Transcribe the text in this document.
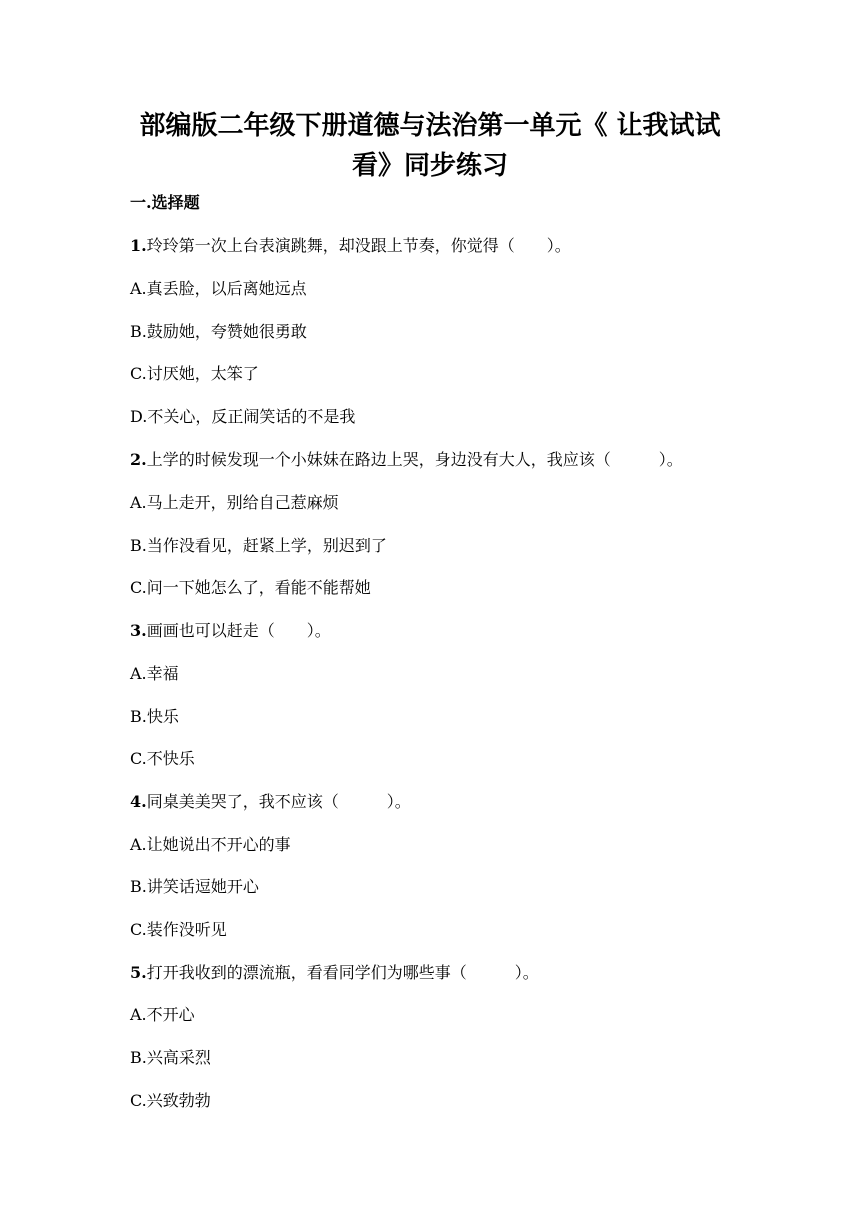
部编版二年级下册道德与法治第一单元《 让我试试
看》同步练习
一.选择题
1.玲玲第一次上台表演跳舞，却没跟上节奏，你觉得（　　）。
A.真丢脸，以后离她远点
B.鼓励她，夸赞她很勇敢
C.讨厌她，太笨了
D.不关心，反正闹笑话的不是我
2.上学的时候发现一个小妹妹在路边上哭，身边没有大人，我应该（　　　）。
A.马上走开，别给自己惹麻烦
B.当作没看见，赶紧上学，别迟到了
C.问一下她怎么了，看能不能帮她
3.画画也可以赶走（　　）。
A.幸福
B.快乐
C.不快乐
4.同桌美美哭了，我不应该（　　　）。
A.让她说出不开心的事
B.讲笑话逗她开心
C.装作没听见
5.打开我收到的漂流瓶，看看同学们为哪些事（　　　）。
A.不开心
B.兴高采烈
C.兴致勃勃
